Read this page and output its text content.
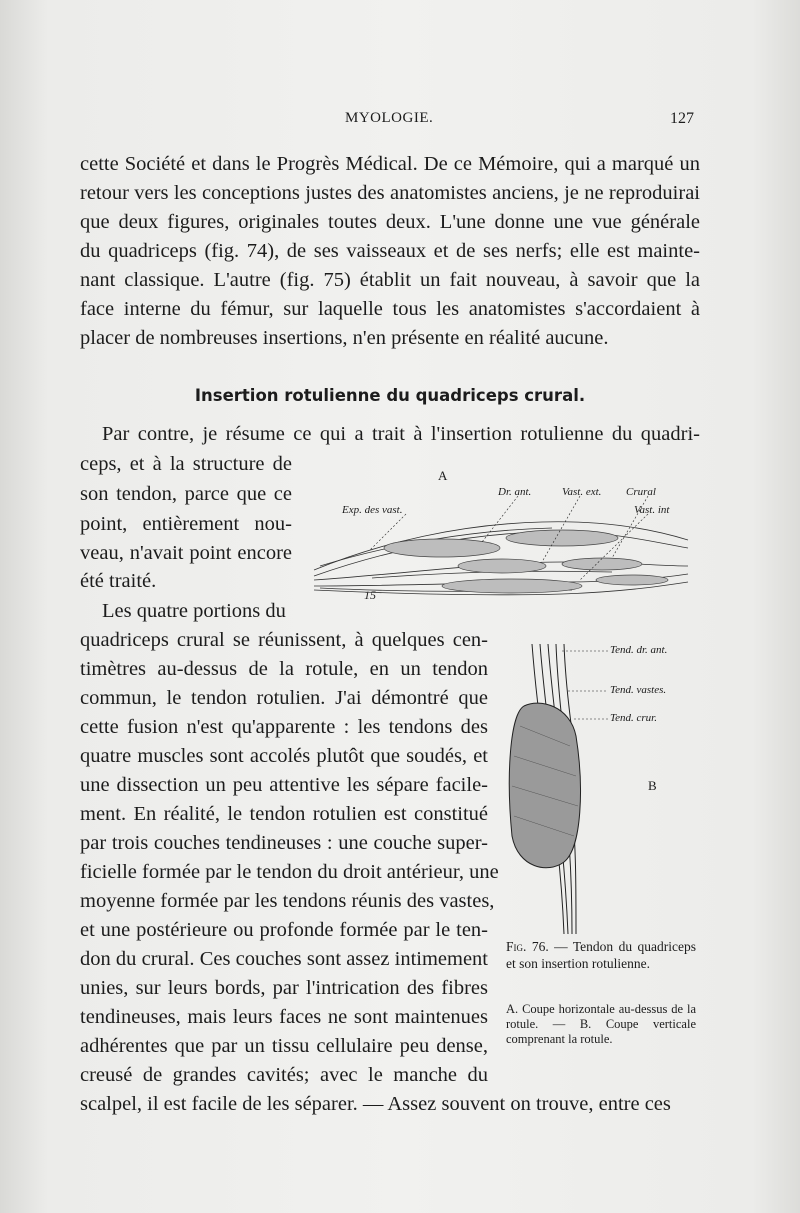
MYOLOGIE.	127
cette Société et dans le Progrès Médical. De ce Mémoire, qui a marqué un
retour vers les conceptions justes des anatomistes anciens, je ne reproduirai
que deux figures, originales toutes deux. L'une donne une vue générale
du quadriceps (fig. 74), de ses vaisseaux et de ses nerfs; elle est mainte-
nant classique. L'autre (fig. 75) établit un fait nouveau, à savoir que la
face interne du fémur, sur laquelle tous les anatomistes s'accordaient à
placer de nombreuses insertions, n'en présente en réalité aucune.
Insertion rotulienne du quadriceps crural.
Par contre, je résume ce qui a trait à l'insertion rotulienne du quadri-
ceps, et à la structure de
son tendon, parce que ce
point, entièrement nou-
veau, n'avait point encore
été traité.
Les quatre portions du
quadriceps crural se réunissent, à quelques cen-
timètres au-dessus de la rotule, en un tendon
commun, le tendon rotulien. J'ai démontré que
cette fusion n'est qu'apparente : les tendons des
quatre muscles sont accolés plutôt que soudés, et
une dissection un peu attentive les sépare facile-
ment. En réalité, le tendon rotulien est constitué
par trois couches tendineuses : une couche super-
ficielle formée par le tendon du droit antérieur, une
moyenne formée par les tendons réunis des vastes,
et une postérieure ou profonde formée par le ten-
don du crural. Ces couches sont assez intimement
unies, sur leurs bords, par l'intrication des fibres
tendineuses, mais leurs faces ne sont maintenues
adhérentes que par un tissu cellulaire peu dense,
creusé de grandes cavités; avec le manche du
scalpel, il est facile de les séparer. — Assez souvent on trouve, entre ces
A
Exp. des vast.
Dr. ant.	Vast. ext. Crural
Vast. int
15
Tend. dr. ant.
Tend. vastes.
Tend. crur.
B
Fig. 76. — Tendon du quadriceps et son insertion rotulienne.
A. Coupe horizontale au-dessus de la rotule. — B. Coupe verticale comprenant la rotule.
